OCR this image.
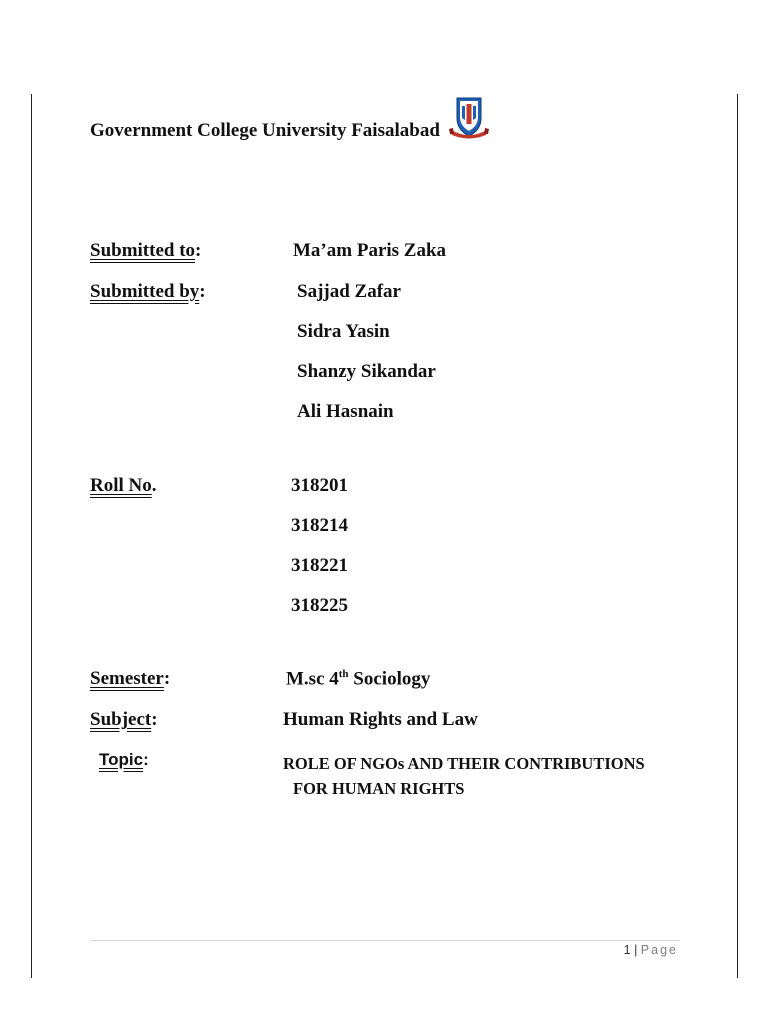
Government College University Faisalabad
Submitted to:	Ma’am Paris Zaka
Submitted by:	Sajjad Zafar
Sidra Yasin
Shanzy Sikandar
Ali Hasnain
Roll No.	318201
318214
318221
318225
Semester:	M.sc 4th Sociology
Subject:	Human Rights and Law
Topic:	ROLE OF NGOs AND THEIR CONTRIBUTIONS
FOR HUMAN RIGHTS
1 | Page
